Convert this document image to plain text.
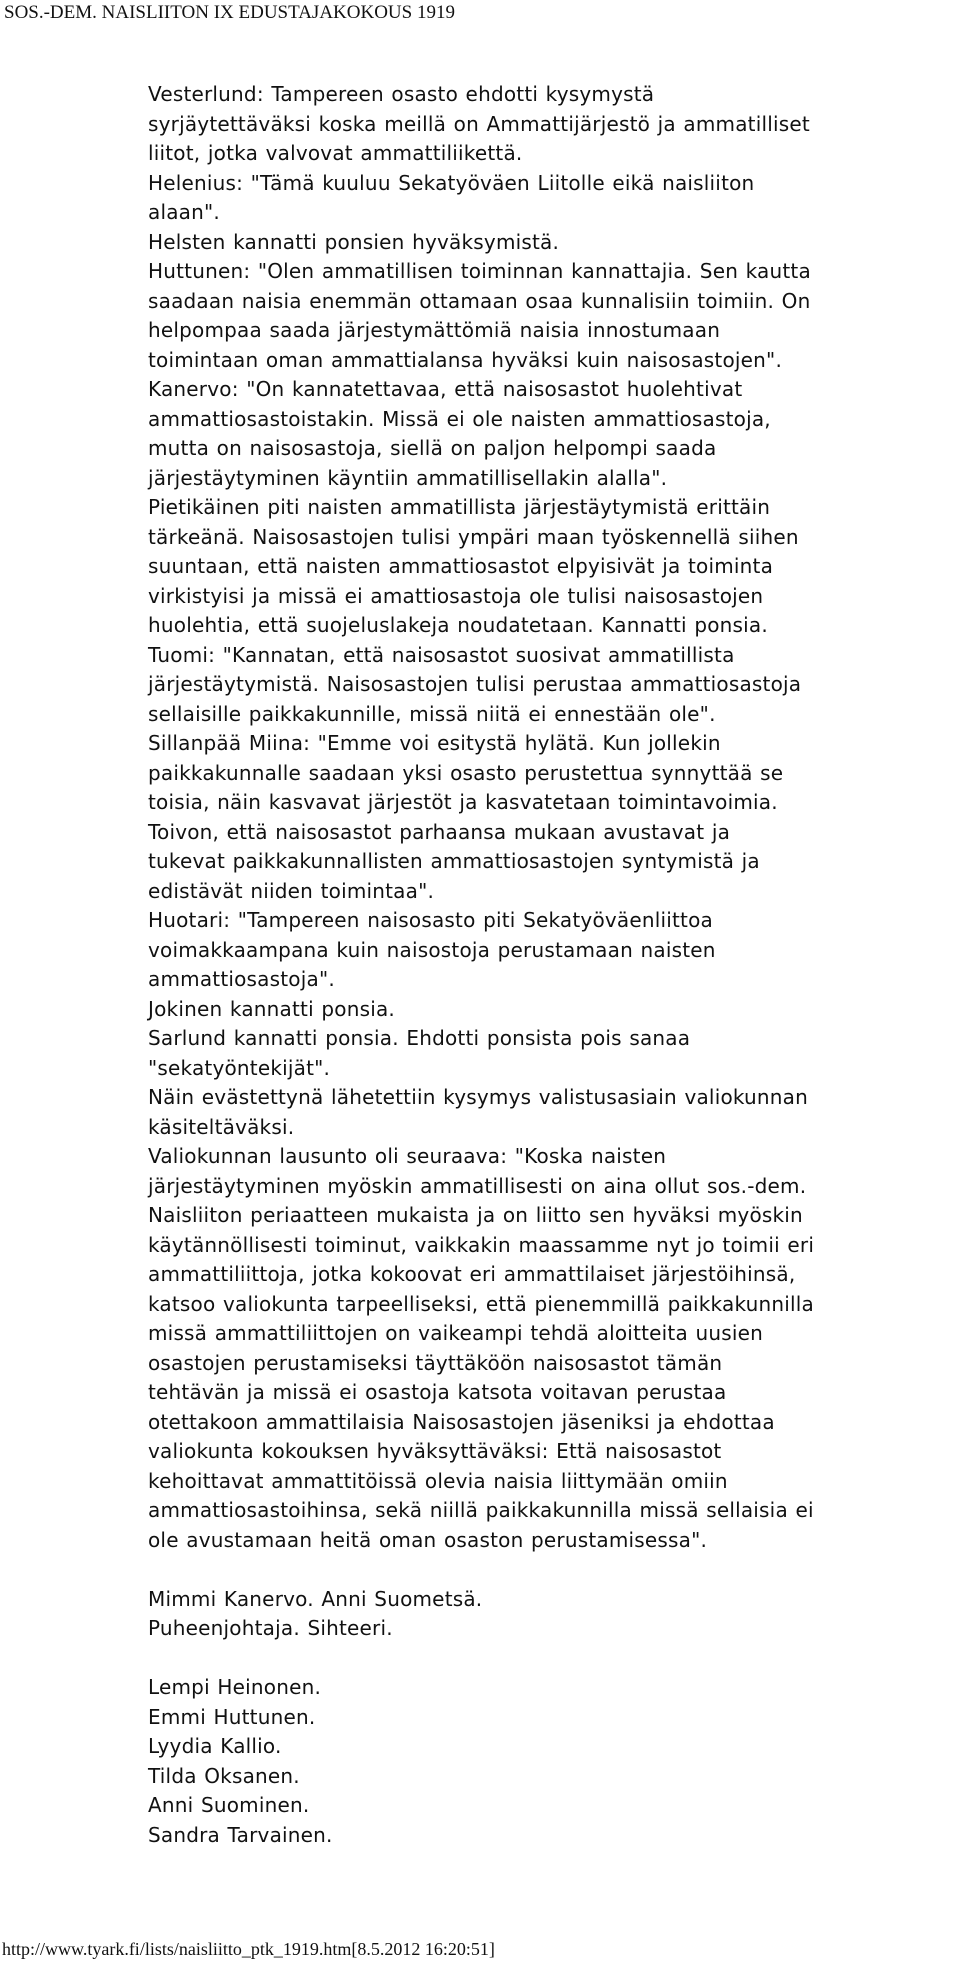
SOS.-DEM. NAISLIITON IX EDUSTAJAKOKOUS 1919
Vesterlund: Tampereen osasto ehdotti kysymystä
syrjäytettäväksi koska meillä on Ammattijärjestö ja ammatilliset
liitot, jotka valvovat ammattiliikettä.
Helenius: "Tämä kuuluu Sekatyöväen Liitolle eikä naisliiton
alaan".
Helsten kannatti ponsien hyväksymistä.
Huttunen: "Olen ammatillisen toiminnan kannattajia. Sen kautta
saadaan naisia enemmän ottamaan osaa kunnalisiin toimiin. On
helpompaa saada järjestymättömiä naisia innostumaan
toimintaan oman ammattialansa hyväksi kuin naisosastojen".
Kanervo: "On kannatettavaa, että naisosastot huolehtivat
ammattiosastoistakin. Missä ei ole naisten ammattiosastoja,
mutta on naisosastoja, siellä on paljon helpompi saada
järjestäytyminen käyntiin ammatillisellakin alalla".
Pietikäinen piti naisten ammatillista järjestäytymistä erittäin
tärkeänä. Naisosastojen tulisi ympäri maan työskennellä siihen
suuntaan, että naisten ammattiosastot elpyisivät ja toiminta
virkistyisi ja missä ei amattiosastoja ole tulisi naisosastojen
huolehtia, että suojeluslakeja noudatetaan. Kannatti ponsia.
Tuomi: "Kannatan, että naisosastot suosivat ammatillista
järjestäytymistä. Naisosastojen tulisi perustaa ammattiosastoja
sellaisille paikkakunnille, missä niitä ei ennestään ole".
Sillanpää Miina: "Emme voi esitystä hylätä. Kun jollekin
paikkakunnalle saadaan yksi osasto perustettua synnyttää se
toisia, näin kasvavat järjestöt ja kasvatetaan toimintavoimia.
Toivon, että naisosastot parhaansa mukaan avustavat ja
tukevat paikkakunnallisten ammattiosastojen syntymistä ja
edistävät niiden toimintaa".
Huotari: "Tampereen naisosasto piti Sekatyöväenliittoa
voimakkaampana kuin naisostoja perustamaan naisten
ammattiosastoja".
Jokinen kannatti ponsia.
Sarlund kannatti ponsia. Ehdotti ponsista pois sanaa
"sekatyöntekijät".
Näin evästettynä lähetettiin kysymys valistusasiain valiokunnan
käsiteltäväksi.
Valiokunnan lausunto oli seuraava: "Koska naisten
järjestäytyminen myöskin ammatillisesti on aina ollut sos.-dem.
Naisliiton periaatteen mukaista ja on liitto sen hyväksi myöskin
käytännöllisesti toiminut, vaikkakin maassamme nyt jo toimii eri
ammattiliittoja, jotka kokoovat eri ammattilaiset järjestöihinsä,
katsoo valiokunta tarpeelliseksi, että pienemmillä paikkakunnilla
missä ammattiliittojen on vaikeampi tehdä aloitteita uusien
osastojen perustamiseksi täyttäköön naisosastot tämän
tehtävän ja missä ei osastoja katsota voitavan perustaa
otettakoon ammattilaisia Naisosastojen jäseniksi ja ehdottaa
valiokunta kokouksen hyväksyttäväksi: Että naisosastot
kehoittavat ammattitöissä olevia naisia liittymään omiin
ammattiosastoihinsa, sekä niillä paikkakunnilla missä sellaisia ei
ole avustamaan heitä oman osaston perustamisessa".
Mimmi Kanervo. Anni Suometsä.
Puheenjohtaja. Sihteeri.
Lempi Heinonen.
Emmi Huttunen.
Lyydia Kallio.
Tilda Oksanen.
Anni Suominen.
Sandra Tarvainen.
http://www.tyark.fi/lists/naisliitto_ptk_1919.htm[8.5.2012 16:20:51]
